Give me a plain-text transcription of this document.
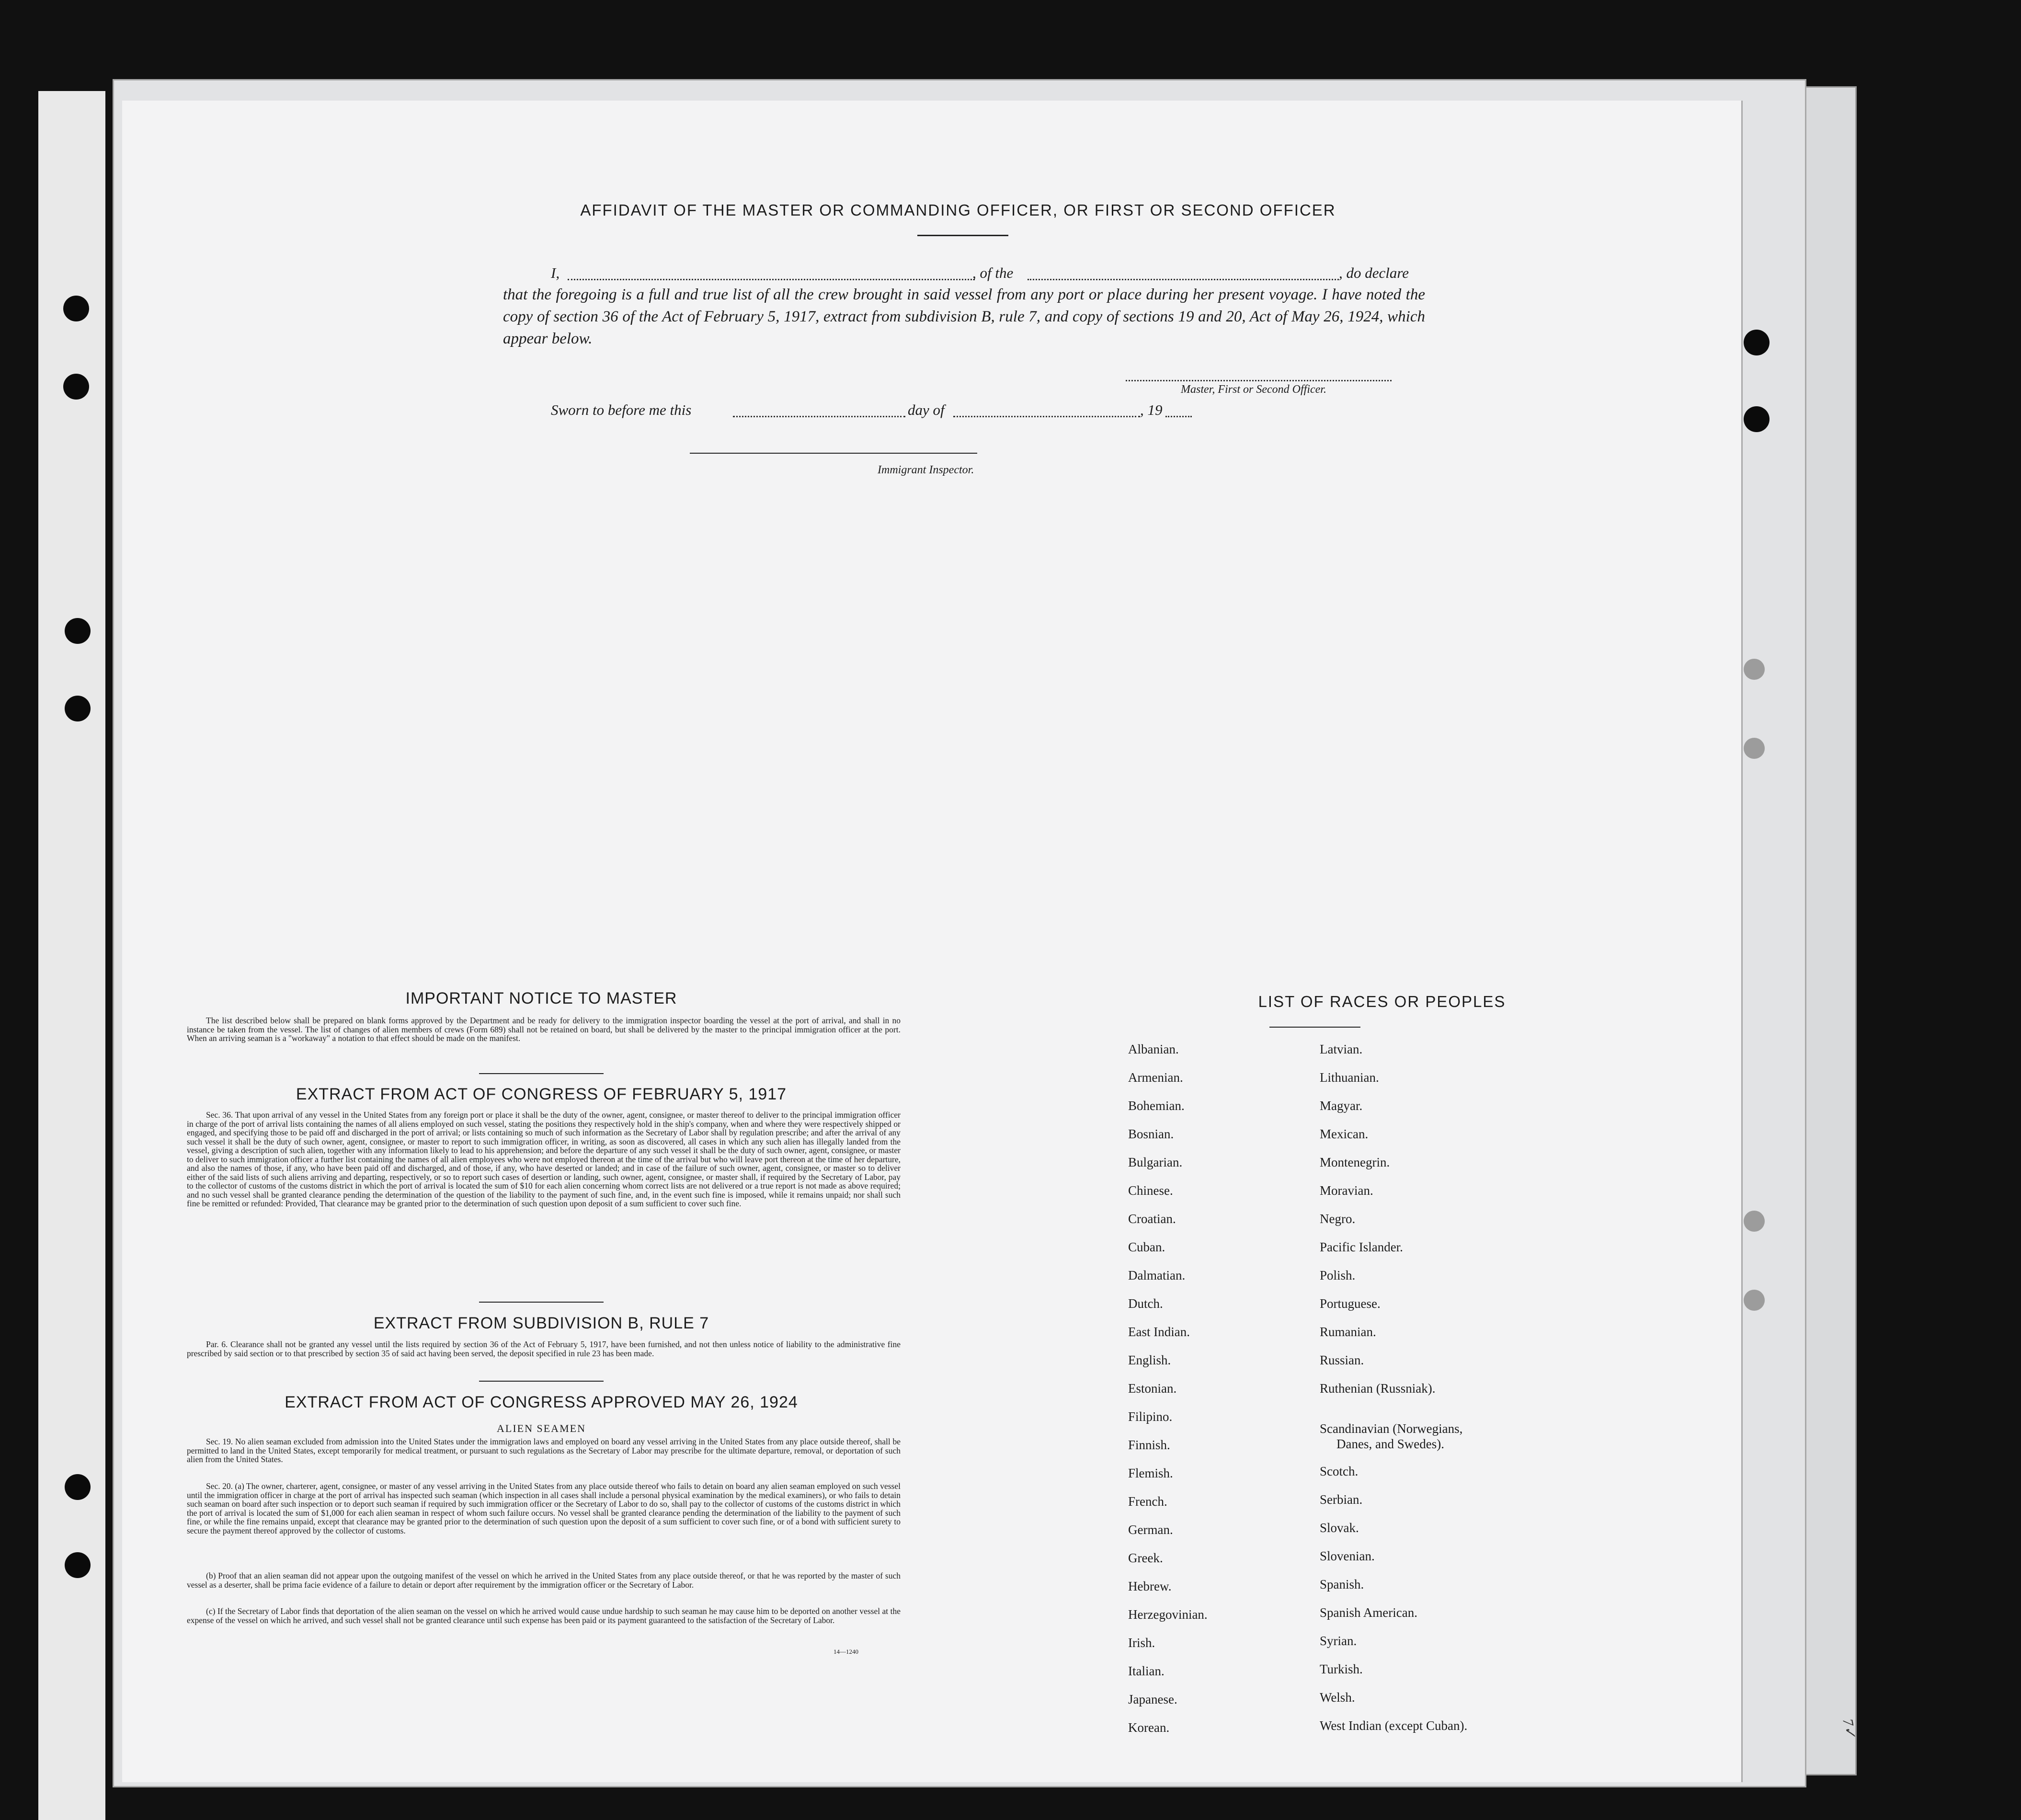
AFFIDAVIT OF THE MASTER OR COMMANDING OFFICER, OR FIRST OR SECOND OFFICER
I,	, of the	, do declare

that the foregoing is a full and true list of all the crew brought in said vessel from any port or place during her present voyage. I have noted the copy of section 36 of the Act of February 5, 1917, extract from subdivision B, rule 7, and copy of sections 19 and 20, Act of May 26, 1924, which appear below.

Master, First or Second Officer.
Sworn to before me this	day of	, 19
Immigrant Inspector.
IMPORTANT NOTICE TO MASTER

The list described below shall be prepared on blank forms approved by the Department and be ready for delivery to the immigration inspector boarding the vessel at the port of arrival, and shall in no instance be taken from the vessel. The list of changes of alien members of crews (Form 689) shall not be retained on board, but shall be delivered by the master to the principal immigration officer at the port. When an arriving seaman is a "workaway" a notation to that effect should be made on the manifest.

EXTRACT FROM ACT OF CONGRESS OF FEBRUARY 5, 1917

Sec. 36. That upon arrival of any vessel in the United States from any foreign port or place it shall be the duty of the owner, agent, consignee, or master thereof to deliver to the principal immigration officer in charge of the port of arrival lists containing the names of all aliens employed on such vessel, stating the positions they respectively hold in the ship's company, when and where they were respectively shipped or engaged, and specifying those to be paid off and discharged in the port of arrival; or lists containing so much of such information as the Secretary of Labor shall by regulation prescribe; and after the arrival of any such vessel it shall be the duty of such owner, agent, consignee, or master to report to such immigration officer, in writing, as soon as discovered, all cases in which any such alien has illegally landed from the vessel, giving a description of such alien, together with any information likely to lead to his apprehension; and before the departure of any such vessel it shall be the duty of such owner, agent, consignee, or master to deliver to such immigration officer a further list containing the names of all alien employees who were not employed thereon at the time of the arrival but who will leave port thereon at the time of her departure, and also the names of those, if any, who have been paid off and discharged, and of those, if any, who have deserted or landed; and in case of the failure of such owner, agent, consignee, or master so to deliver either of the said lists of such aliens arriving and departing, respectively, or so to report such cases of desertion or landing, such owner, agent, consignee, or master shall, if required by the Secretary of Labor, pay to the collector of customs of the customs district in which the port of arrival is located the sum of $10 for each alien concerning whom correct lists are not delivered or a true report is not made as above required; and no such vessel shall be granted clearance pending the determination of the question of the liability to the payment of such fine, and, in the event such fine is imposed, while it remains unpaid; nor shall such fine be remitted or refunded: Provided, That clearance may be granted prior to the determination of such question upon deposit of a sum sufficient to cover such fine.

EXTRACT FROM SUBDIVISION B, RULE 7

Par. 6. Clearance shall not be granted any vessel until the lists required by section 36 of the Act of February 5, 1917, have been furnished, and not then unless notice of liability to the administrative fine prescribed by said section or to that prescribed by section 35 of said act having been served, the deposit specified in rule 23 has been made.

EXTRACT FROM ACT OF CONGRESS APPROVED MAY 26, 1924
ALIEN SEAMEN

Sec. 19. No alien seaman excluded from admission into the United States under the immigration laws and employed on board any vessel arriving in the United States from any place outside thereof, shall be permitted to land in the United States, except temporarily for medical treatment, or pursuant to such regulations as the Secretary of Labor may prescribe for the ultimate departure, removal, or deportation of such alien from the United States.

Sec. 20. (a) The owner, charterer, agent, consignee, or master of any vessel arriving in the United States from any place outside thereof who fails to detain on board any alien seaman employed on such vessel until the immigration officer in charge at the port of arrival has inspected such seaman (which inspection in all cases shall include a personal physical examination by the medical examiners), or who fails to detain such seaman on board after such inspection or to deport such seaman if required by such immigration officer or the Secretary of Labor to do so, shall pay to the collector of customs of the customs district in which the port of arrival is located the sum of $1,000 for each alien seaman in respect of whom such failure occurs. No vessel shall be granted clearance pending the determination of the liability to the payment of such fine, or while the fine remains unpaid, except that clearance may be granted prior to the determination of such question upon the deposit of a sum sufficient to cover such fine, or of a bond with sufficient surety to secure the payment thereof approved by the collector of customs.

(b) Proof that an alien seaman did not appear upon the outgoing manifest of the vessel on which he arrived in the United States from any place outside thereof, or that he was reported by the master of such vessel as a deserter, shall be prima facie evidence of a failure to detain or deport after requirement by the immigration officer or the Secretary of Labor.

(c) If the Secretary of Labor finds that deportation of the alien seaman on the vessel on which he arrived would cause undue hardship to such seaman he may cause him to be deported on another vessel at the expense of the vessel on which he arrived, and such vessel shall not be granted clearance until such expense has been paid or its payment guaranteed to the satisfaction of the Secretary of Labor.

14—1240
LIST OF RACES OR PEOPLES
Albanian.
Armenian.
Bohemian.
Bosnian.
Bulgarian.
Chinese.
Croatian.
Cuban.
Dalmatian.
Dutch.
East Indian.
English.
Estonian.
Filipino.
Finnish.
Flemish.
French.
German.
Greek.
Hebrew.
Herzegovinian.
Irish.
Italian.
Japanese.
Korean.
Latvian.
Lithuanian.
Magyar.
Mexican.
Montenegrin.
Moravian.
Negro.
Pacific Islander.
Polish.
Portuguese.
Rumanian.
Russian.
Ruthenian (Russniak).
Scandinavian (Norwegians,
Danes, and Swedes).
Scotch.
Serbian.
Slovak.
Slovenian.
Spanish.
Spanish American.
Syrian.
Turkish.
Welsh.
West Indian (except Cuban).	7✓
